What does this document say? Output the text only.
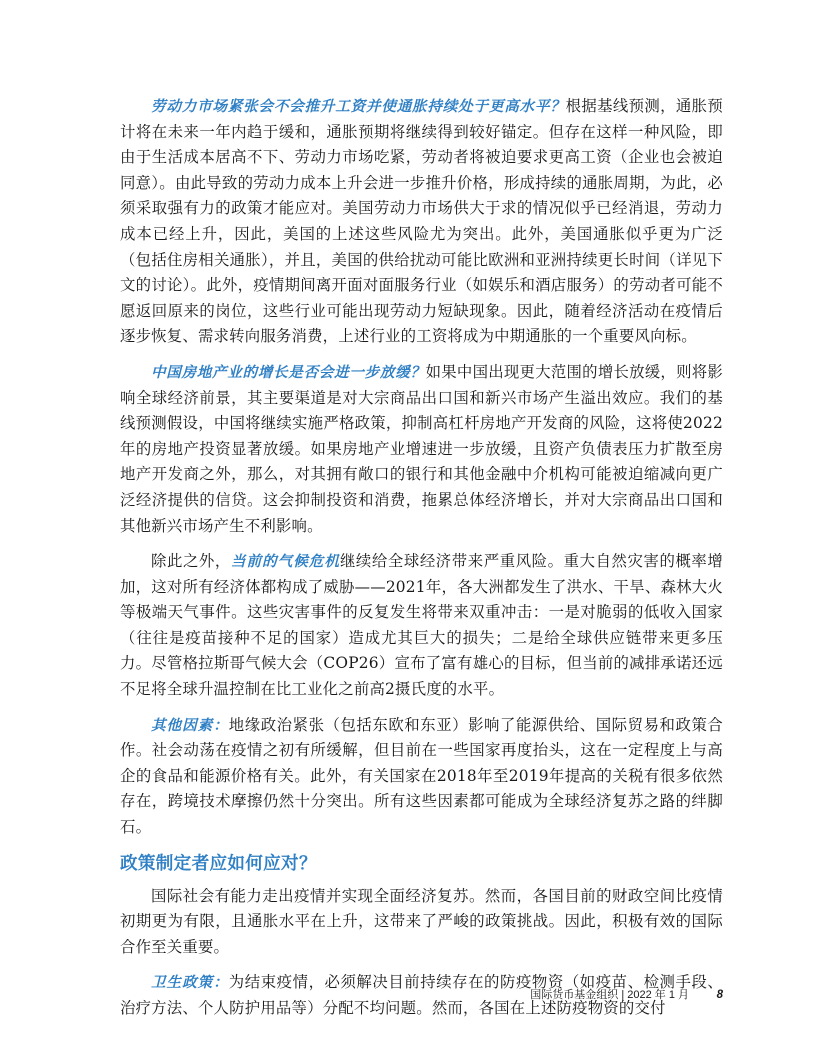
劳动力市场紧张会不会推升工资并使通胀持续处于更高水平？根据基线预测，通胀预计将在未来一年内趋于缓和，通胀预期将继续得到较好锚定。但存在这样一种风险，即由于生活成本居高不下、劳动力市场吃紧，劳动者将被迫要求更高工资（企业也会被迫同意）。由此导致的劳动力成本上升会进一步推升价格，形成持续的通胀周期，为此，必须采取强有力的政策才能应对。美国劳动力市场供大于求的情况似乎已经消退，劳动力成本已经上升，因此，美国的上述这些风险尤为突出。此外，美国通胀似乎更为广泛（包括住房相关通胀），并且，美国的供给扰动可能比欧洲和亚洲持续更长时间（详见下文的讨论）。此外，疫情期间离开面对面服务行业（如娱乐和酒店服务）的劳动者可能不愿返回原来的岗位，这些行业可能出现劳动力短缺现象。因此，随着经济活动在疫情后逐步恢复、需求转向服务消费，上述行业的工资将成为中期通胀的一个重要风向标。

中国房地产业的增长是否会进一步放缓？如果中国出现更大范围的增长放缓，则将影响全球经济前景，其主要渠道是对大宗商品出口国和新兴市场产生溢出效应。我们的基线预测假设，中国将继续实施严格政策，抑制高杠杆房地产开发商的风险，这将使2022年的房地产投资显著放缓。如果房地产业增速进一步放缓，且资产负债表压力扩散至房地产开发商之外，那么，对其拥有敞口的银行和其他金融中介机构可能被迫缩减向更广泛经济提供的信贷。这会抑制投资和消费，拖累总体经济增长，并对大宗商品出口国和其他新兴市场产生不利影响。

除此之外，当前的气候危机继续给全球经济带来严重风险。重大自然灾害的概率增加，这对所有经济体都构成了威胁——2021年，各大洲都发生了洪水、干旱、森林大火等极端天气事件。这些灾害事件的反复发生将带来双重冲击：一是对脆弱的低收入国家（往往是疫苗接种不足的国家）造成尤其巨大的损失；二是给全球供应链带来更多压力。尽管格拉斯哥气候大会（COP26）宣布了富有雄心的目标，但当前的减排承诺还远不足将全球升温控制在比工业化之前高2摄氏度的水平。

其他因素：地缘政治紧张（包括东欧和东亚）影响了能源供给、国际贸易和政策合作。社会动荡在疫情之初有所缓解，但目前在一些国家再度抬头，这在一定程度上与高企的食品和能源价格有关。此外，有关国家在2018年至2019年提高的关税有很多依然存在，跨境技术摩擦仍然十分突出。所有这些因素都可能成为全球经济复苏之路的绊脚石。

政策制定者应如何应对？

国际社会有能力走出疫情并实现全面经济复苏。然而，各国目前的财政空间比疫情初期更为有限，且通胀水平在上升，这带来了严峻的政策挑战。因此，积极有效的国际合作至关重要。

卫生政策：为结束疫情，必须解决目前持续存在的防疫物资（如疫苗、检测手段、治疗方法、个人防护用品等）分配不均问题。然而，各国在上述防疫物资的交付

国际货币基金组织 | 2022 年 1 月 8
